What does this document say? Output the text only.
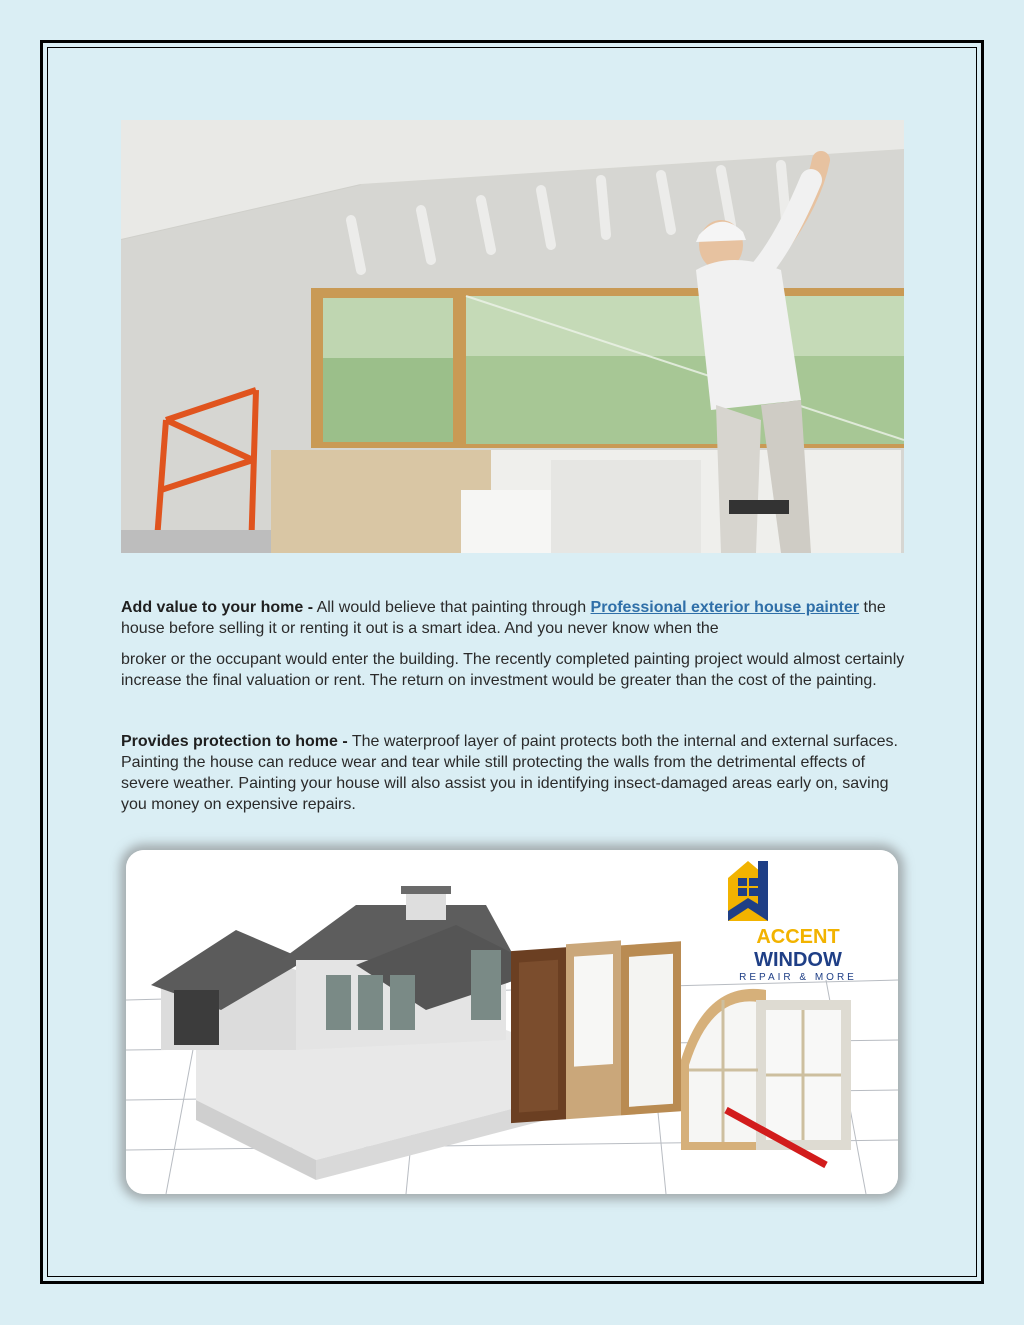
Add value to your home - All would believe that painting through Professional exterior house painter the house before selling it or renting it out is a smart idea. And you never know when the
broker or the occupant would enter the building. The recently completed painting project would almost certainly increase the final valuation or rent. The return on investment would be greater than the cost of the painting.
Provides protection to home - The waterproof layer of paint protects both the internal and external surfaces. Painting the house can reduce wear and tear while still protecting the walls from the detrimental effects of severe weather. Painting your house will also assist you in identifying insect-damaged areas early on, saving you money on expensive repairs.
ACCENT WINDOW
REPAIR & MORE
